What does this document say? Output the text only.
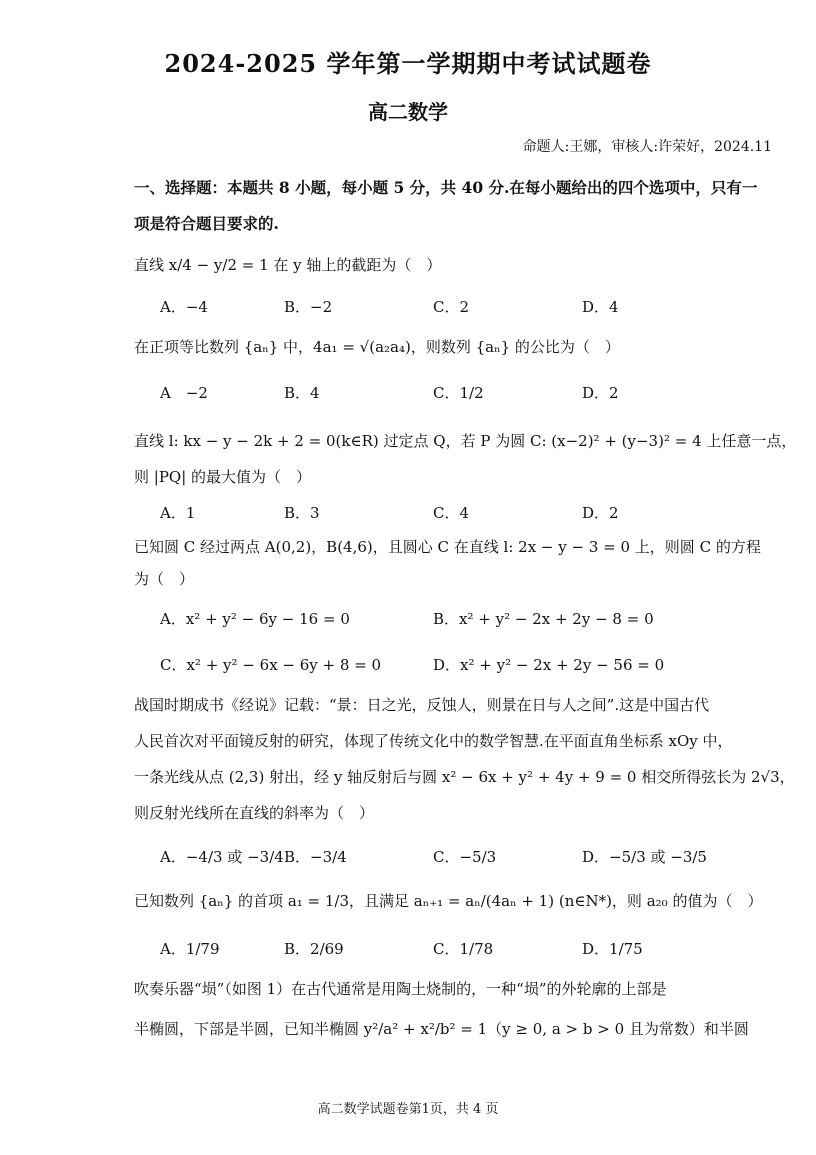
2024-2025 学年第一学期期中考试试题卷
高二数学
命题人:王娜，审核人:许荣好，2024.11
一、选择题：本题共 8 小题，每小题 5 分，共 40 分.在每小题给出的四个选项中，只有一
项是符合题目要求的.
直线 x/4 − y/2 = 1 在 y 轴上的截距为（　）
A．−4	B．−2	C．2	D．4
在正项等比数列 {aₙ} 中，4a₁ = √(a₂a₄)，则数列 {aₙ} 的公比为（　）
A　−2	B．4	C．1/2	D．2
直线 l: kx − y − 2k + 2 = 0(k∈R) 过定点 Q，若 P 为圆 C: (x−2)² + (y−3)² = 4 上任意一点，
则 |PQ| 的最大值为（　）
A．1	B．3	C．4	D．2
已知圆 C 经过两点 A(0,2)，B(4,6)，且圆心 C 在直线 l: 2x − y − 3 = 0 上，则圆 C 的方程
为（　）
A．x² + y² − 6y − 16 = 0	B．x² + y² − 2x + 2y − 8 = 0
C．x² + y² − 6x − 6y + 8 = 0	D．x² + y² − 2x + 2y − 56 = 0
战国时期成书《经说》记载：“景：日之光，反蚀人，则景在日与人之间”.这是中国古代
人民首次对平面镜反射的研究，体现了传统文化中的数学智慧.在平面直角坐标系 xOy 中，
一条光线从点 (2,3) 射出，经 y 轴反射后与圆 x² − 6x + y² + 4y + 9 = 0 相交所得弦长为 2√3，
则反射光线所在直线的斜率为（　）
A．−4/3 或 −3/4 B．−3/4	C．−5/3	D．−5/3 或 −3/5
已知数列 {aₙ} 的首项 a₁ = 1/3，且满足 aₙ₊₁ = aₙ/(4aₙ + 1) (n∈N*)，则 a₂₀ 的值为（　）
A．1/79	B．2/69	C．1/78	D．1/75
吹奏乐器“埙”（如图 1）在古代通常是用陶土烧制的，一种“埙”的外轮廓的上部是
半椭圆，下部是半圆，已知半椭圆 y²/a² + x²/b² = 1（y ≥ 0, a > b > 0 且为常数）和半圆
高二数学试题卷第1页，共 4 页
